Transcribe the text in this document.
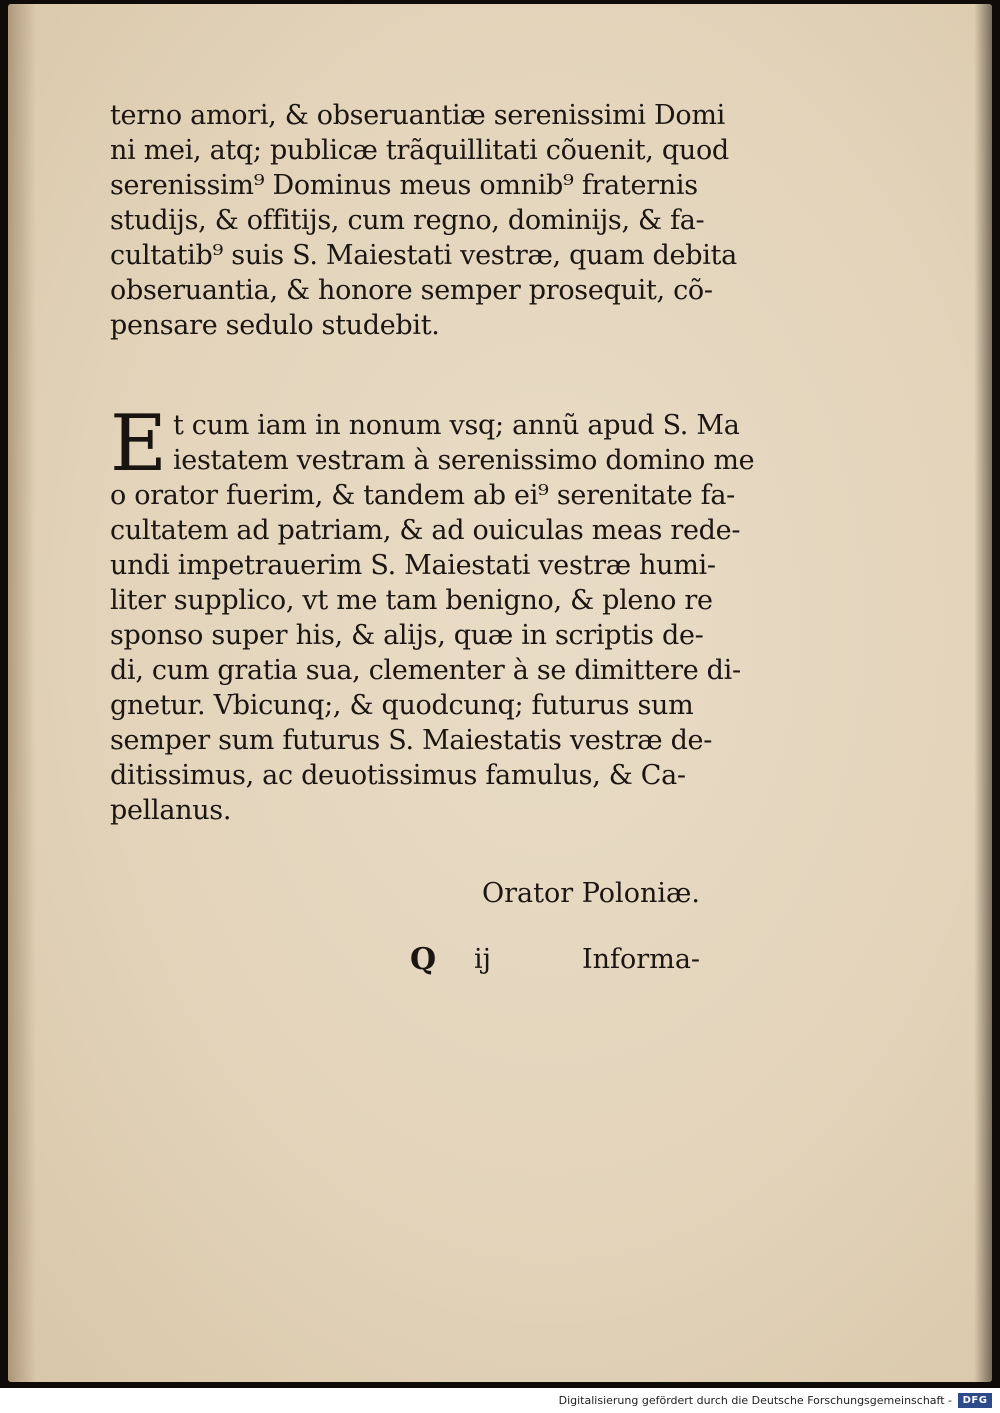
terno amori, & obseruantiæ serenissimi Domi
ni mei, atq; publicæ trãquillitati cõuenit, quod
serenissim⁹ Dominus meus omnib⁹ fraternis
studijs, & offitijs, cum regno, dominijs, & fa-
cultatib⁹ suis S. Maiestati vestræ, quam debita
obseruantia, & honore semper prosequit, cõ-
pensare sedulo studebit.
E t cum iam in nonum vsq; annũ apud S. Ma
iestatem vestram à serenissimo domino me
o orator fuerim, & tandem ab ei⁹ serenitate fa-
cultatem ad patriam, & ad ouiculas meas rede-
undi impetrauerim S. Maiestati vestræ humi-
liter supplico, vt me tam benigno, & pleno re
sponso super his, & alijs, quæ in scriptis de-
di, cum gratia sua, clementer à se dimittere di-
gnetur. Vbicunq;, & quodcunq; futurus sum
semper sum futurus S. Maiestatis vestræ de-
ditissimus, ac deuotissimus famulus, & Ca-
pellanus.
Orator Poloniæ.
Q ij	Informa-
Digitalisierung gefördert durch die Deutsche Forschungsgemeinschaft -	DFG
